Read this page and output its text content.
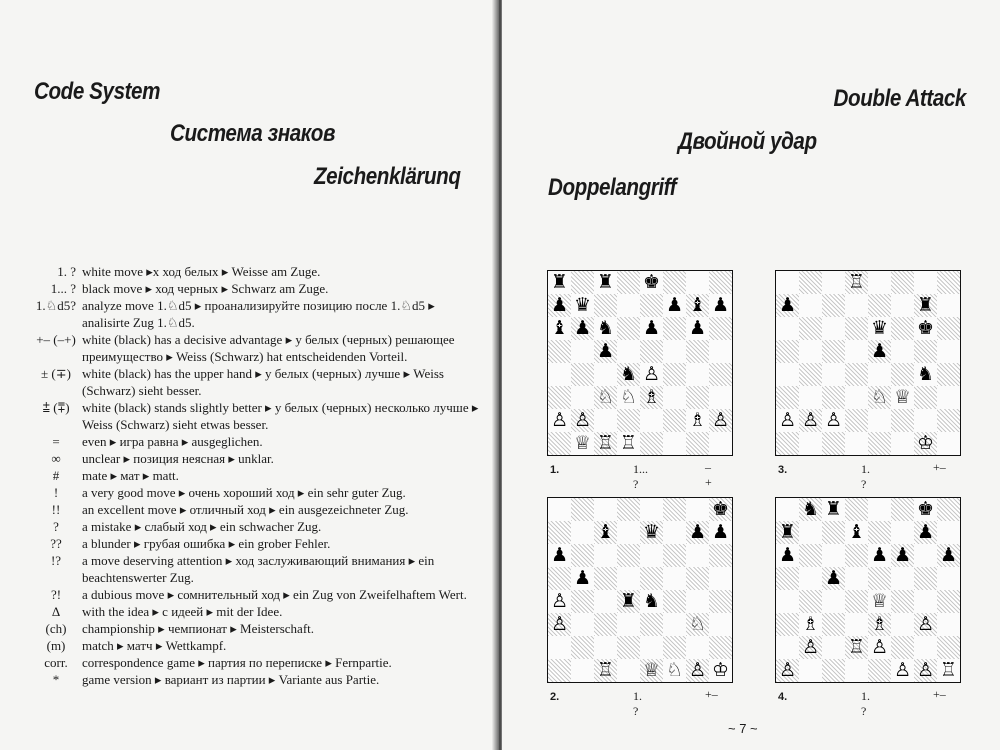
Code System
Система знаков
Zeichenklärunq
1. ? white move ▸х ход белых ▸ Weisse am Zuge.
1... ? black move ▸ ход черных ▸ Schwarz am Zuge.
1.♘d5? analyze move 1.♘d5 ▸ проанализируйте позицию после 1.♘d5 ▸ analisirte Zug 1.♘d5.
+– (–+) white (black) has a decisive advantage ▸ у белых (черных) решающее преимущество ▸ Weiss (Schwarz) hat entscheidenden Vorteil.
± (∓) white (black) has the upper hand ▸ у белых (черных) лучше ▸ Weiss (Schwarz) sieht besser.
⩲ (⩱) white (black) stands slightly better ▸ у белых (черных) несколько лучше ▸ Weiss (Schwarz) sieht etwas besser.
=	even ▸ игра равна ▸ ausgeglichen.
∞	unclear ▸ позиция неясная ▸ unklar.
#	mate ▸ мат ▸ matt.
!	a very good move ▸ очень хороший ход ▸ ein sehr guter Zug.
!!	an excellent move ▸ отличный ход ▸ ein ausgezeichneter Zug.
?	a mistake ▸ слабый ход ▸ ein schwacher Zug.
??	a blunder ▸ грубая ошибка ▸ ein grober Fehler.
!?	a move deserving attention ▸ ход заслуживающий внимания ▸ ein beachtenswerter Zug.
?!	a dubious move ▸ сомнительный ход ▸ ein Zug von Zweifelhaftem Wert.
Δ	with the idea ▸ с идеей ▸ mit der Idee.
(ch)	championship ▸ чемпионат ▸ Meisterschaft.
(m)	match ▸ матч ▸ Wettkampf.
corr.	correspondence game ▸ партия по переписке ▸ Fernpartie.
*	game version ▸ вариант из партии ▸ Variante aus Partie.
Double Attack
Двойной удар
Doppelangriff
♜ ♜ ♚
♟ ♛	♟ ♝ ♟
♝ ♟ ♞ ♟ ♟
♟
♞ ♙
♘ ♘ ♗
♙ ♙	♗ ♙
♕ ♖ ♖
1.	1... ?
–+
♚
♝ ♛ ♟ ♟
♟
♟
♙	♜ ♞
♙	♘
♖ ♕ ♘ ♙ ♔
2.	1. ?
+–
♖
♟	♜
♛ ♚
♟
♞
♘ ♕
♙ ♙ ♙
♔
3.	1. ?
+–
♞ ♜	♚
♜	♝	♟
♟	♟ ♟ ♟
♟
♕
♗	♗ ♙
♙ ♖ ♙
♙	♙ ♙ ♖
4.	1. ?
+–
~ 7 ~
